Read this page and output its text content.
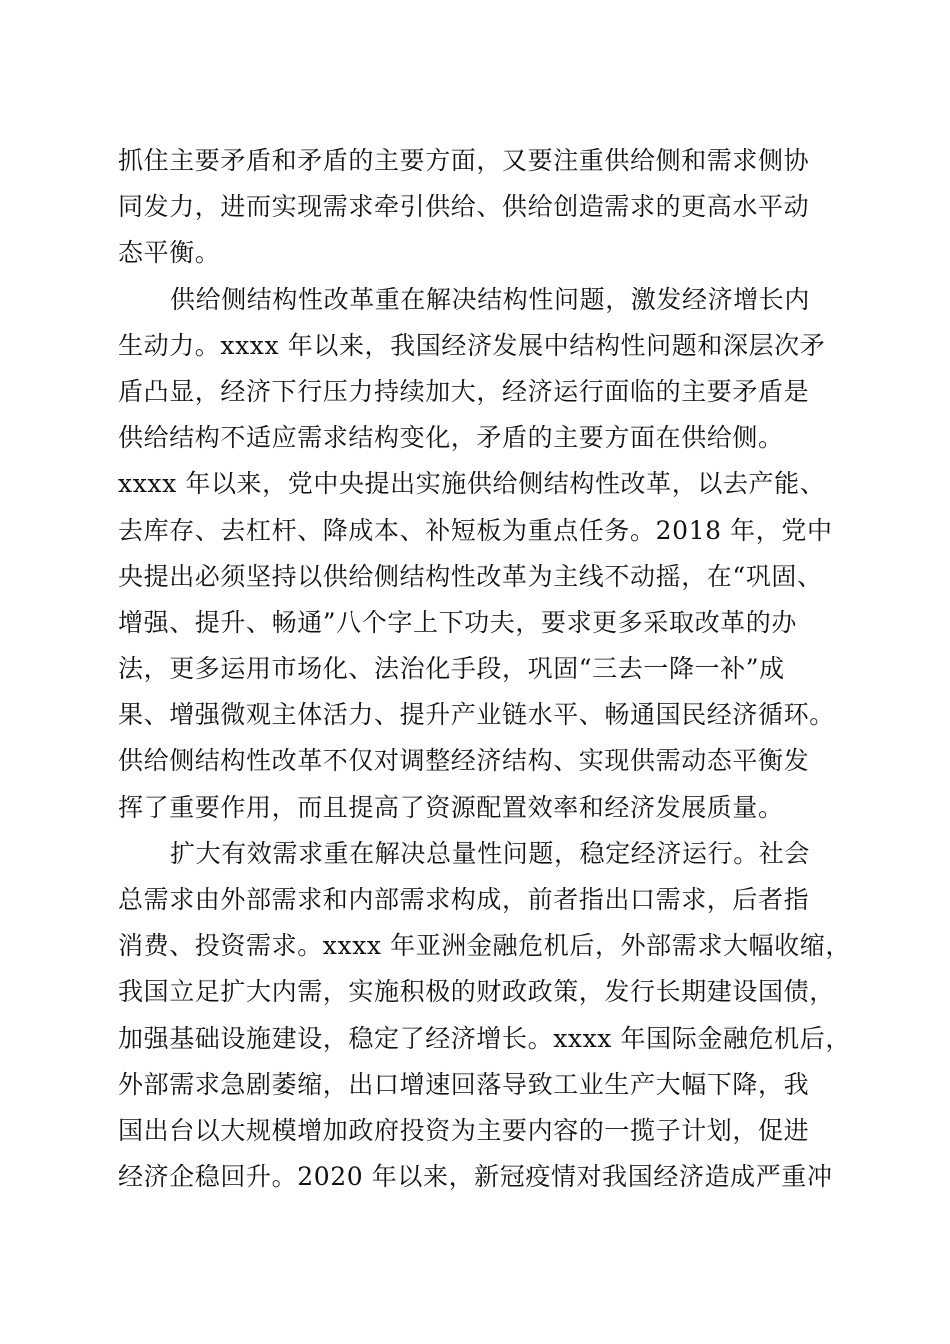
抓住主要矛盾和矛盾的主要方面，又要注重供给侧和需求侧协
同发力，进而实现需求牵引供给、供给创造需求的更高水平动
态平衡。
供给侧结构性改革重在解决结构性问题，激发经济增长内
生动力。xxxx 年以来，我国经济发展中结构性问题和深层次矛
盾凸显，经济下行压力持续加大，经济运行面临的主要矛盾是
供给结构不适应需求结构变化，矛盾的主要方面在供给侧。
xxxx 年以来，党中央提出实施供给侧结构性改革，以去产能、
去库存、去杠杆、降成本、补短板为重点任务。2018 年，党中
央提出必须坚持以供给侧结构性改革为主线不动摇，在“巩固、
增强、提升、畅通”八个字上下功夫，要求更多采取改革的办
法，更多运用市场化、法治化手段，巩固“三去一降一补”成
果、增强微观主体活力、提升产业链水平、畅通国民经济循环。
供给侧结构性改革不仅对调整经济结构、实现供需动态平衡发
挥了重要作用，而且提高了资源配置效率和经济发展质量。
扩大有效需求重在解决总量性问题，稳定经济运行。社会
总需求由外部需求和内部需求构成，前者指出口需求，后者指
消费、投资需求。xxxx 年亚洲金融危机后，外部需求大幅收缩，
我国立足扩大内需，实施积极的财政政策，发行长期建设国债，
加强基础设施建设，稳定了经济增长。xxxx 年国际金融危机后，
外部需求急剧萎缩，出口增速回落导致工业生产大幅下降，我
国出台以大规模增加政府投资为主要内容的一揽子计划，促进
经济企稳回升。2020 年以来，新冠疫情对我国经济造成严重冲
